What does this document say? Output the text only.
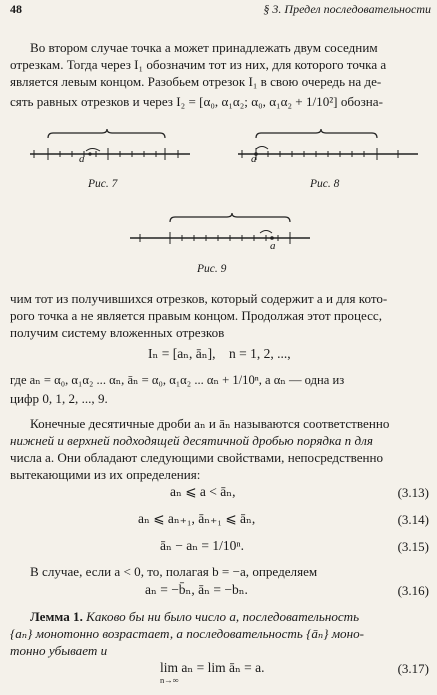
48	§ 3. Предел последовательности
Во втором случае точка a может принадлежать двум соседним
отрезкам. Тогда через I₁ обозначим тот из них, для которого точка a
является левым концом. Разобьем отрезок I₁ в свою очередь на де-
сять равных отрезков и через I₂ = [α₀, α₁α₂; α₀, α₁α₂ + 1/10²] обозна-
a
Рис. 7
a
Рис. 8
a
Рис. 9
чим тот из получившихся отрезков, который содержит a и для кото-
рого точка a не является правым концом. Продолжая этот процесс,
получим систему вложенных отрезков
Iₙ = [aₙ, āₙ], n = 1, 2, ...,
где aₙ = α₀, α₁α₂ ... αₙ, āₙ = α₀, α₁α₂ ... αₙ + 1/10ⁿ, а αₙ — одна из
цифр 0, 1, 2, ..., 9.
Конечные десятичные дроби aₙ и āₙ называются соответственно
нижней и верхней подходящей десятичной дробью порядка n для
числа a. Они обладают следующими свойствами, непосредственно
вытекающими из их определения:
aₙ ⩽ a < āₙ,	(3.13)
aₙ ⩽ aₙ₊₁, āₙ₊₁ ⩽ āₙ,	(3.14)
āₙ − aₙ = 1/10ⁿ.	(3.15)
В случае, если a < 0, то, полагая b = −a, определяем
aₙ = −b̄ₙ, āₙ = −bₙ.	(3.16)
Лемма 1. Каково бы ни было число a, последовательность
{aₙ} монотонно возрастает, а последовательность {āₙ} моно-
тонно убывает и
lim aₙ = lim āₙ = a.
n→∞
(3.17)
